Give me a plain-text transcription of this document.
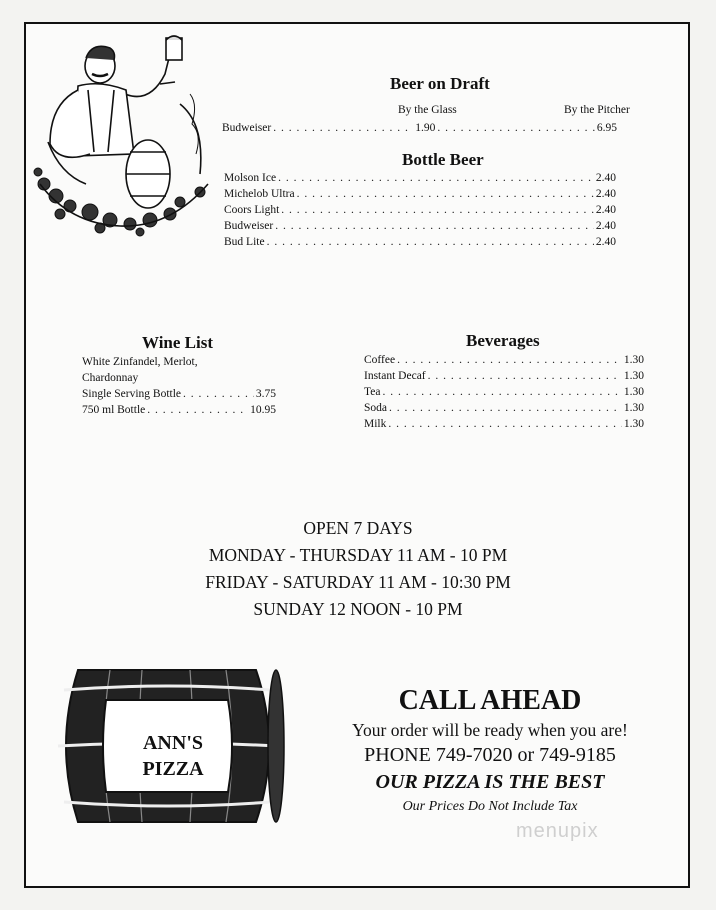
Beer on Draft
By the Glass	By the Pitcher
Budweiser . . .	1.90 . . .	6.95
Bottle Beer
Molson Ice . . .	2.40
Michelob Ultra . . .	2.40
Coors Light . . .	2.40
Budweiser . . .	2.40
Bud Lite . . .	2.40
Wine List
White Zinfandel, Merlot,
Chardonnay
Single Serving Bottle . . .	3.75
750 ml Bottle . . .	10.95
Beverages
Coffee . . .	1.30
Instant Decaf . . .	1.30
Tea . . .	1.30
Soda . . .	1.30
Milk . . .	1.30
OPEN 7 DAYS
MONDAY - THURSDAY 11 AM - 10 PM
FRIDAY - SATURDAY 11 AM - 10:30 PM
SUNDAY 12 NOON - 10 PM
ANN'S
PIZZA
CALL AHEAD
Your order will be ready when you are!
PHONE 749-7020 or 749-9185
OUR PIZZA IS THE BEST
Our Prices Do Not Include Tax
menupix
